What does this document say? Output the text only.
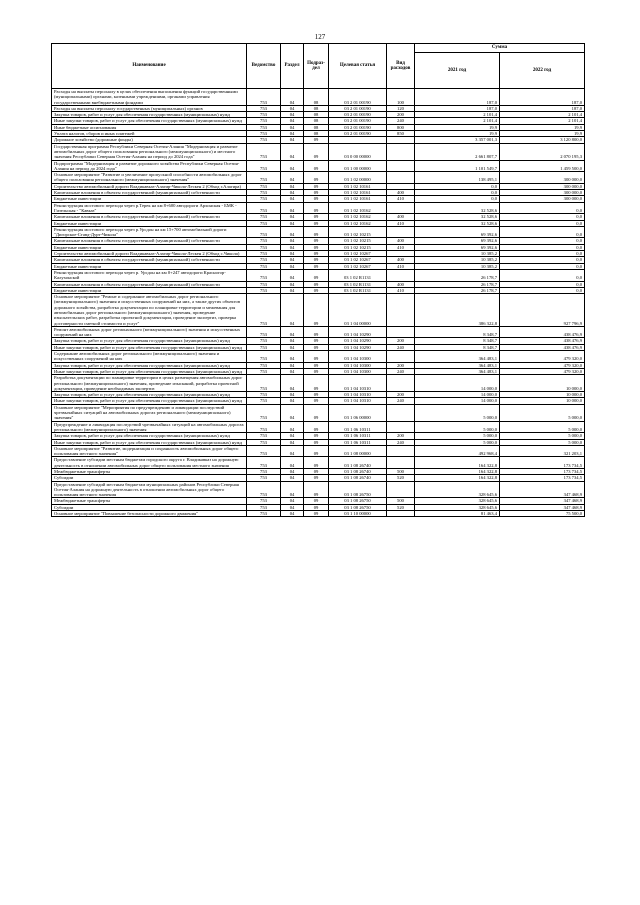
127
Наименование	Ведомство	Раздел	Подраз-дел	Целевая статья	Вид расходов	Сумма	
						2021 год	2022 год
Расходы на выплаты персоналу в целях обеспечения выполнения функций государственными (муниципальными) органами, казенными учреждениями, органами управления государственными внебюджетными фондами	753	04	08	03 2 01 00190	100	187,0	187,0
Расходы на выплаты персоналу государственных (муниципальных) органов	753	04	08	03 2 01 00190	120	187,0	187,0
Закупка товаров, работ и услуг для обеспечения государственных (муниципальных) нужд	753	04	08	03 2 01 00190	200	2 101,4	2 101,4
Иные закупки товаров, работ и услуг для обеспечения государственных (муниципальных) нужд	753	04	08	03 2 01 00190	240	2 101,4	2 101,4
Иные бюджетные ассигнования	753	04	08	03 2 01 00190	800	19,9	19,9
Уплата налогов, сборов и иных платежей	753	04	08	03 2 01 00190	850	19,9	19,9
Дорожное хозяйство (дорожные фонды)	753	04	09			3 357 001,3	3 120 800,0
Государственная программа Республики Северная Осетия-Алания "Модернизация и развитие автомобильных дорог общего пользования регионального (межмуниципального) и местного значения Республики Северная Осетия-Алания на период до 2024 года"	753	04	09	03 0 00 00000		2 661 807,7	2 070 195,3
Подпрограмма "Модернизация и развитие дорожного хозяйства Республики Северная Осетия-Алания на период до 2024 года"	753	04	09	03 1 00 00000		1 101 549,7	1 459 500,0
Основное мероприятие "Развитие и увеличение пропускной способности автомобильных дорог общего пользования регионального (межмуниципального) значения"	753	04	09	03 1 02 00000		138 495,1	300 000,0
Строительство автомобильной дороги Владикавказ-Алагир-Чикола-Лескен 2 (Обход г.Алагира)	753	04	09	03 1 02 10161		0,0	300 000,0
Капитальные вложения в объекты государственной (муниципальной) собственности	753	04	09	03 1 02 10161	400	0,0	300 000,0
Бюджетные инвестиции	753	04	09	03 1 02 10161	410	0,0	300 000,0
Реконструкция мостового перехода через р.Терек на км 8+600 автодороги Архонская - БМК - Гизельская - "Кавказ"	753	04	09	03 1 02 10162		32 528,6	0,0
Капитальные вложения в объекты государственной (муниципальной) собственности	753	04	09	03 1 02 10162	400	32 528,6	0,0
Бюджетные инвестиции	753	04	09	03 1 02 10162	410	32 528,6	0,0
Реконструкция мостового перехода через р.Урсдон на км 15+700 автомобильной дороги "Дигорское-Ставд-Дурт-Чикола"	753	04	09	03 1 02 10215		69 392,6	0,0
Капитальные вложения в объекты государственной (муниципальной) собственности	753	04	09	03 1 02 10215	400	69 392,6	0,0
Бюджетные инвестиции	753	04	09	03 1 02 10215	410	69 392,6	0,0
Строительство автомобильной дороги Владикавказ-Алагир-Чикола-Лескен 2 (Обход с.Чикола)	753	04	09	03 1 02 10267		10 385,2	0,0
Капитальные вложения в объекты государственной (муниципальной) собственности	753	04	09	03 1 02 10267	400	10 385,2	0,0
Бюджетные инвестиции	753	04	09	03 1 02 10267	410	10 385,2	0,0
Реконструкция мостового перехода через р. Урсдон на км 0+247 автодороги Красногор-Калухонской	753	04	09	03 1 02 R1131		26 178,7	0,0
Капитальные вложения в объекты государственной (муниципальной) собственности	753	04	09	03 1 02 R1131	400	26 178,7	0,0
Бюджетные инвестиции	753	04	09	03 1 02 R1131	410	26 178,7	0,0
Основное мероприятие "Ремонт и содержание автомобильных дорог регионального (межмуниципального) значения и искусственных сооружений на них, а также других объектов дорожного хозяйства, разработка документации по планировке территории и межевания для автомобильных дорог регионального (межмуниципального) значения, проведение изыскательских работ, разработка проектной документации, проведение экспертиз, проверка достоверности сметной стоимости и услуг"	753	04	09	03 1 04 00000		386 322,8	927 796,9
Ремонт автомобильных дорог регионального (межмуниципального) значения и искусственных сооружений на них	753	04	09	03 1 04 10290		8 348,7	438 476,9
Закупка товаров, работ и услуг для обеспечения государственных (муниципальных) нужд	753	04	09	03 1 04 10290	200	8 348,7	438 476,9
Иные закупки товаров, работ и услуг для обеспечения государственных (муниципальных) нужд	753	04	09	03 1 04 10290	240	8 348,7	438 476,9
Содержание автомобильных дорог регионального (межмуниципального) значения и искусственных сооружений на них	753	04	09	03 1 04 10300		364 483,1	479 320,0
Закупка товаров, работ и услуг для обеспечения государственных (муниципальных) нужд	753	04	09	03 1 04 10300	200	364 483,1	479 320,0
Иные закупки товаров, работ и услуг для обеспечения государственных (муниципальных) нужд	753	04	09	03 1 04 10300	240	364 483,1	479 320,0
Разработка документации по планировке территории в целях размещения автомобильных дорог регионального (межмуниципального) значения, проведение изысканий, разработка проектной документации, проведение необходимых экспертиз	753	04	09	03 1 04 10310		14 000,0	10 000,0
Закупка товаров, работ и услуг для обеспечения государственных (муниципальных) нужд	753	04	09	03 1 04 10310	200	14 000,0	10 000,0
Иные закупки товаров, работ и услуг для обеспечения государственных (муниципальных) нужд	753	04	09	03 1 04 10310	240	14 000,0	10 000,0
Основное мероприятие "Мероприятия по предупреждению и ликвидации последствий чрезвычайных ситуаций на автомобильных дорогах регионального (межмуниципального) значения"	753	04	09	03 1 06 00000		5 000,0	5 000,0
Предупреждение и ликвидация последствий чрезвычайных ситуаций на автомобильных дорогах регионального (межмуниципального) значения	753	04	09	03 1 06 10311		5 000,0	5 000,0
Закупка товаров, работ и услуг для обеспечения государственных (муниципальных) нужд	753	04	09	03 1 06 10311	200	5 000,0	5 000,0
Иные закупки товаров, работ и услуг для обеспечения государственных (муниципальных) нужд	753	04	09	03 1 06 10311	240	5 000,0	5 000,0
Основное мероприятие "Развитие, модернизация и сохранность автомобильных дорог общего пользования местного значения"	753	04	09	03 1 08 00000		492 968,4	321 203,1
Предоставление субсидии местным бюджетам городского округа г. Владикавказ на дорожную деятельность в отношении автомобильных дорог общего пользования местного значения	753	04	09	03 1 08 26740		164 322,8	173 734,5
Межбюджетные трансферты	753	04	09	03 1 08 26740	500	164 322,8	173 734,5
Субсидии	753	04	09	03 1 08 26740	520	164 322,8	173 734,5
Предоставление субсидий местным бюджетам муниципальных районов Республики Северная Осетия-Алания на дорожную деятельность в отношении автомобильных дорог общего пользования местного значения	753	04	09	03 1 08 26750		328 645,6	347 468,9
Межбюджетные трансферты	753	04	09	03 1 08 26750	500	328 645,6	347 468,9
Субсидии	753	04	09	03 1 08 26750	520	328 645,6	347 468,9
Основное мероприятие "Повышение безопасности дорожного движения"	753	04	09	03 1 10 00000		81 463,4	75 500,0
